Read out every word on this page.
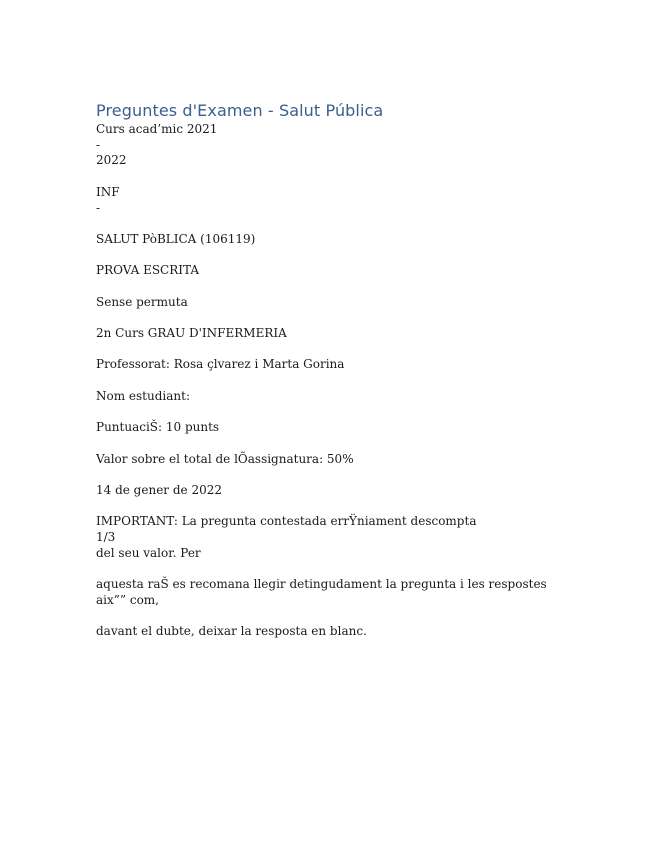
Preguntes d'Examen - Salut Pública
Curs acad’mic 2021
-
2022
INF
-
SALUT PòBLICA (106119)
PROVA ESCRITA
Sense permuta
2n Curs GRAU D'INFERMERIA
Professorat: Rosa çlvarez i Marta Gorina
Nom estudiant:
PuntuaciŠ: 10 punts
Valor sobre el total de lÕassignatura: 50%
14 de gener de 2022
IMPORTANT: La pregunta contestada errŸniament descompta
1/3
del seu valor. Per
aquesta raŠ es recomana llegir detingudament la pregunta i les respostes
aix”” com,
davant el dubte, deixar la resposta en blanc.
